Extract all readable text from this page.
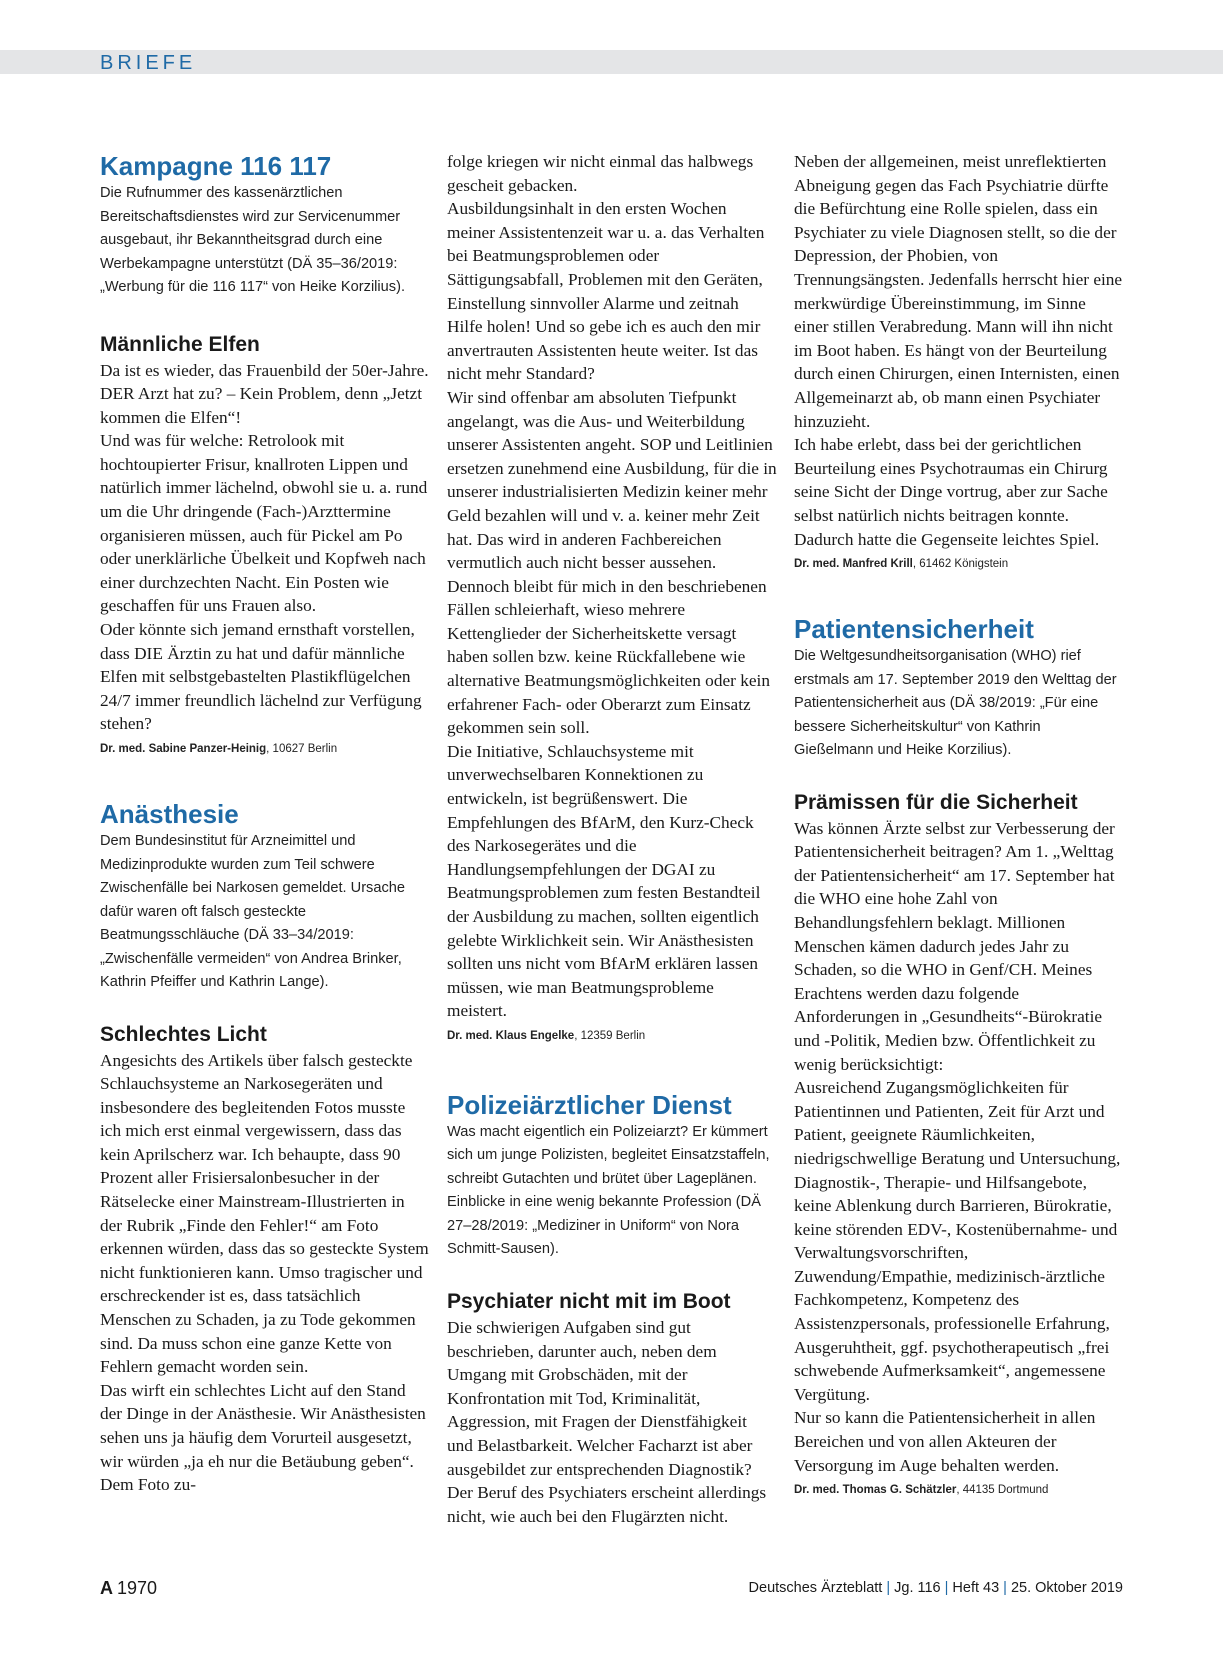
BRIEFE
Kampagne 116 117

Die Rufnummer des kassenärztlichen Bereitschaftsdienstes wird zur Servicenummer ausgebaut, ihr Bekanntheitsgrad durch eine Werbekampagne unterstützt (DÄ 35–36/2019: „Werbung für die 116 117“ von Heike Korzilius).

Männliche Elfen

Da ist es wieder, das Frauenbild der 50er-Jahre. DER Arzt hat zu? – Kein Problem, denn „Jetzt kommen die Elfen“!

Und was für welche: Retrolook mit hochtoupierter Frisur, knallroten Lippen und natürlich immer lächelnd, obwohl sie u. a. rund um die Uhr dringende (Fach-)Arzttermine organisieren müssen, auch für Pickel am Po oder unerklärliche Übelkeit und Kopfweh nach einer durchzechten Nacht. Ein Posten wie geschaffen für uns Frauen also.

Oder könnte sich jemand ernsthaft vorstellen, dass DIE Ärztin zu hat und dafür männliche Elfen mit selbstgebastelten Plastikflügelchen 24/7 immer freundlich lächelnd zur Verfügung stehen?

Dr. med. Sabine Panzer-Heinig, 10627 Berlin

Anästhesie

Dem Bundesinstitut für Arzneimittel und Medizinprodukte wurden zum Teil schwere Zwischenfälle bei Narkosen gemeldet. Ursache dafür waren oft falsch gesteckte Beatmungsschläuche (DÄ 33–34/2019: „Zwischenfälle vermeiden“ von Andrea Brinker, Kathrin Pfeiffer und Kathrin Lange).

Schlechtes Licht

Angesichts des Artikels über falsch gesteckte Schlauchsysteme an Narkosegeräten und insbesondere des begleitenden Fotos musste ich mich erst einmal vergewissern, dass das kein Aprilscherz war. Ich behaupte, dass 90 Prozent aller Frisiersalonbesucher in der Rätselecke einer Mainstream-Illustrierten in der Rubrik „Finde den Fehler!“ am Foto erkennen würden, dass das so gesteckte System nicht funktionieren kann. Umso tragischer und erschreckender ist es, dass tatsächlich Menschen zu Schaden, ja zu Tode gekommen sind. Da muss schon eine ganze Kette von Fehlern gemacht worden sein.

Das wirft ein schlechtes Licht auf den Stand der Dinge in der Anästhesie. Wir Anästhesisten sehen uns ja häufig dem Vorurteil ausgesetzt, wir würden „ja eh nur die Betäubung geben“. Dem Foto zu-

folge kriegen wir nicht einmal das halbwegs gescheit gebacken.

Ausbildungsinhalt in den ersten Wochen meiner Assistentenzeit war u. a. das Verhalten bei Beatmungsproblemen oder Sättigungsabfall, Problemen mit den Geräten, Einstellung sinnvoller Alarme und zeitnah Hilfe holen! Und so gebe ich es auch den mir anvertrauten Assistenten heute weiter. Ist das nicht mehr Standard?

Wir sind offenbar am absoluten Tiefpunkt angelangt, was die Aus- und Weiterbildung unserer Assistenten angeht. SOP und Leitlinien ersetzen zunehmend eine Ausbildung, für die in unserer industrialisierten Medizin keiner mehr Geld bezahlen will und v. a. keiner mehr Zeit hat. Das wird in anderen Fachbereichen vermutlich auch nicht besser aussehen.

Dennoch bleibt für mich in den beschriebenen Fällen schleierhaft, wieso mehrere Kettenglieder der Sicherheitskette versagt haben sollen bzw. keine Rückfallebene wie alternative Beatmungsmöglichkeiten oder kein erfahrener Fach- oder Oberarzt zum Einsatz gekommen sein soll.

Die Initiative, Schlauchsysteme mit unverwechselbaren Konnektionen zu entwickeln, ist begrüßenswert. Die Empfehlungen des BfArM, den Kurz-Check des Narkosegerätes und die Handlungsempfehlungen der DGAI zu Beatmungsproblemen zum festen Bestandteil der Ausbildung zu machen, sollten eigentlich gelebte Wirklichkeit sein. Wir Anästhesisten sollten uns nicht vom BfArM erklären lassen müssen, wie man Beatmungsprobleme meistert.

Dr. med. Klaus Engelke, 12359 Berlin

Polizeiärztlicher Dienst

Was macht eigentlich ein Polizeiarzt? Er kümmert sich um junge Polizisten, begleitet Einsatzstaffeln, schreibt Gutachten und brütet über Lageplänen. Einblicke in eine wenig bekannte Profession (DÄ 27–28/2019: „Mediziner in Uniform“ von Nora Schmitt-Sausen).

Psychiater nicht mit im Boot

Die schwierigen Aufgaben sind gut beschrieben, darunter auch, neben dem Umgang mit Grobschäden, mit der Konfrontation mit Tod, Kriminalität, Aggression, mit Fragen der Dienstfähigkeit und Belastbarkeit. Welcher Facharzt ist aber ausgebildet zur entsprechenden Diagnostik? Der Beruf des Psychiaters erscheint allerdings nicht, wie auch bei den Flugärzten nicht.

Neben der allgemeinen, meist unreflektierten Abneigung gegen das Fach Psychiatrie dürfte die Befürchtung eine Rolle spielen, dass ein Psychiater zu viele Diagnosen stellt, so die der Depression, der Phobien, von Trennungsängsten. Jedenfalls herrscht hier eine merkwürdige Übereinstimmung, im Sinne einer stillen Verabredung. Mann will ihn nicht im Boot haben. Es hängt von der Beurteilung durch einen Chirurgen, einen Internisten, einen Allgemeinarzt ab, ob mann einen Psychiater hinzuzieht.

Ich habe erlebt, dass bei der gerichtlichen Beurteilung eines Psychotraumas ein Chirurg seine Sicht der Dinge vortrug, aber zur Sache selbst natürlich nichts beitragen konnte. Dadurch hatte die Gegenseite leichtes Spiel.

Dr. med. Manfred Krill, 61462 Königstein

Patientensicherheit

Die Weltgesundheitsorganisation (WHO) rief erstmals am 17. September 2019 den Welttag der Patientensicherheit aus (DÄ 38/2019: „Für eine bessere Sicherheitskultur“ von Kathrin Gießelmann und Heike Korzilius).

Prämissen für die Sicherheit

Was können Ärzte selbst zur Verbesserung der Patientensicherheit beitragen? Am 1. „Welttag der Patientensicherheit“ am 17. September hat die WHO eine hohe Zahl von Behandlungsfehlern beklagt. Millionen Menschen kämen dadurch jedes Jahr zu Schaden, so die WHO in Genf/CH. Meines Erachtens werden dazu folgende Anforderungen in „Gesundheits“-Bürokratie und -Politik, Medien bzw. Öffentlichkeit zu wenig berücksichtigt:

Ausreichend Zugangsmöglichkeiten für Patientinnen und Patienten, Zeit für Arzt und Patient, geeignete Räumlichkeiten, niedrigschwellige Beratung und Untersuchung, Diagnostik-, Therapie- und Hilfsangebote, keine Ablenkung durch Barrieren, Bürokratie, keine störenden EDV-, Kostenübernahme- und Verwaltungsvorschriften, Zuwendung/Empathie, medizinisch-ärztliche Fachkompetenz, Kompetenz des Assistenzpersonals, professionelle Erfahrung, Ausgeruhtheit, ggf. psychotherapeutisch „frei schwebende Aufmerksamkeit“, angemessene Vergütung.

Nur so kann die Patientensicherheit in allen Bereichen und von allen Akteuren der Versorgung im Auge behalten werden.

Dr. med. Thomas G. Schätzler, 44135 Dortmund

A 1970	Deutsches Ärzteblatt | Jg. 116 | Heft 43 | 25. Oktober 2019
